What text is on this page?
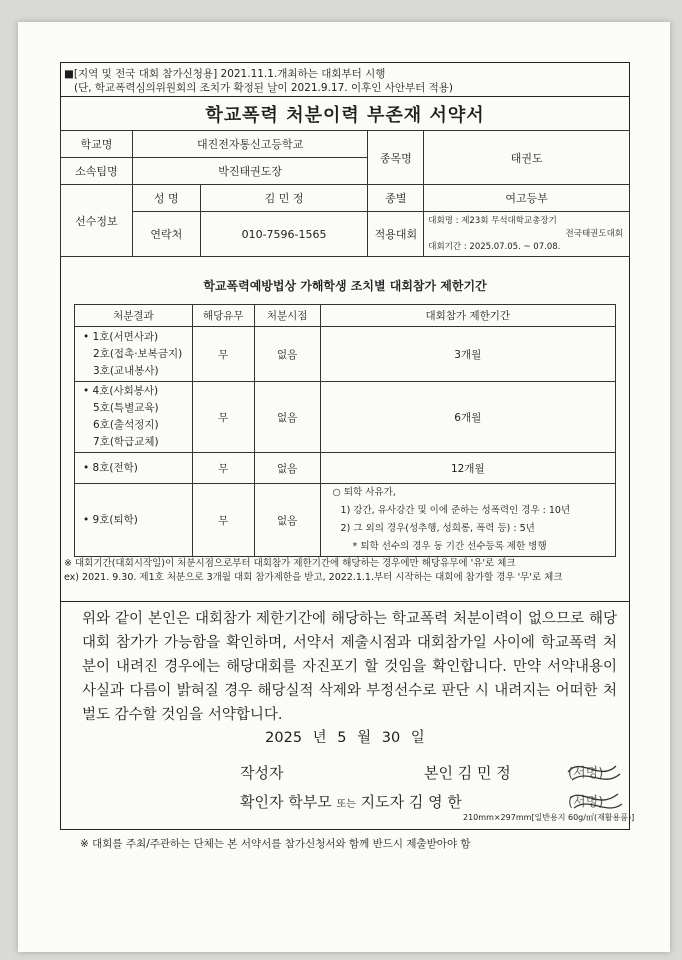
■[지역 및 전국 대회 참가신청용] 2021.11.1.개최하는 대회부터 시행
(단, 학교폭력심의위원회의 조치가 확정된 날이 2021.9.17. 이후인 사안부터 적용)
학교폭력 처분이력 부존재 서약서
학교명	대진전자통신고등학교		종목명	태권도
소속팀명	박진태권도장			
선수정보	성 명	김 민 정	종별	여고등부
	연락처	010-7596-1565	적용대회	대회명 : 제23회 무석대학교총장기
전국태권도대회
대회기간 : 2025.07.05. ~ 07.08.
학교폭력예방법상 가해학생 조치별 대회참가 제한기간
처분결과	해당유무	처분시점	대회참가 제한기간

• 1호(서면사과)
2호(접촉·보복금지)
3호(교내봉사)	무	없음	3개월

• 4호(사회봉사)
5호(특별교육)
6호(출석정지)
7호(학급교체)	무	없음	6개월

• 8호(전학)	무	없음	12개월

• 9호(퇴학)	무	없음	○ 퇴학 사유가,
1) 강간, 유사강간 및 이에 준하는 성폭력인 경우 : 10년
2) 그 외의 경우(성추행, 성희롱, 폭력 등) : 5년
* 퇴학 선수의 경우 동 기간 선수등록 제한 병행
※ 대회기간(대회시작일)이 처분시점으로부터 대회참가 제한기간에 해당하는 경우에만 해당유무에 '유'로 체크
ex) 2021. 9.30. 제1호 처분으로 3개월 대회 참가제한을 받고, 2022.1.1.부터 시작하는 대회에 참가할 경우 '무'로 체크
위와 같이 본인은 대회참가 제한기간에 해당하는 학교폭력 처분이력이 없으므로 해당 대회 참가가 가능함을 확인하며, 서약서 제출시점과 대회참가일 사이에 학교폭력 처분이 내려진 경우에는 해당대회를 자진포기 할 것임을 확인합니다. 만약 서약내용이 사실과 다름이 밝혀질 경우 해당실적 삭제와 부정선수로 판단 시 내려지는 어떠한 처벌도 감수할 것임을 서약합니다.
2025 년 5 월 30 일
작성자	본인 김 민 정	(서명)
확인자 학부모 또는 지도자 김 영 한	(서명)
210mm×297mm[일반용지 60g/㎡(재활용품)]
※ 대회를 주최/주관하는 단체는 본 서약서를 참가신청서와 함께 반드시 제출받아야 함
